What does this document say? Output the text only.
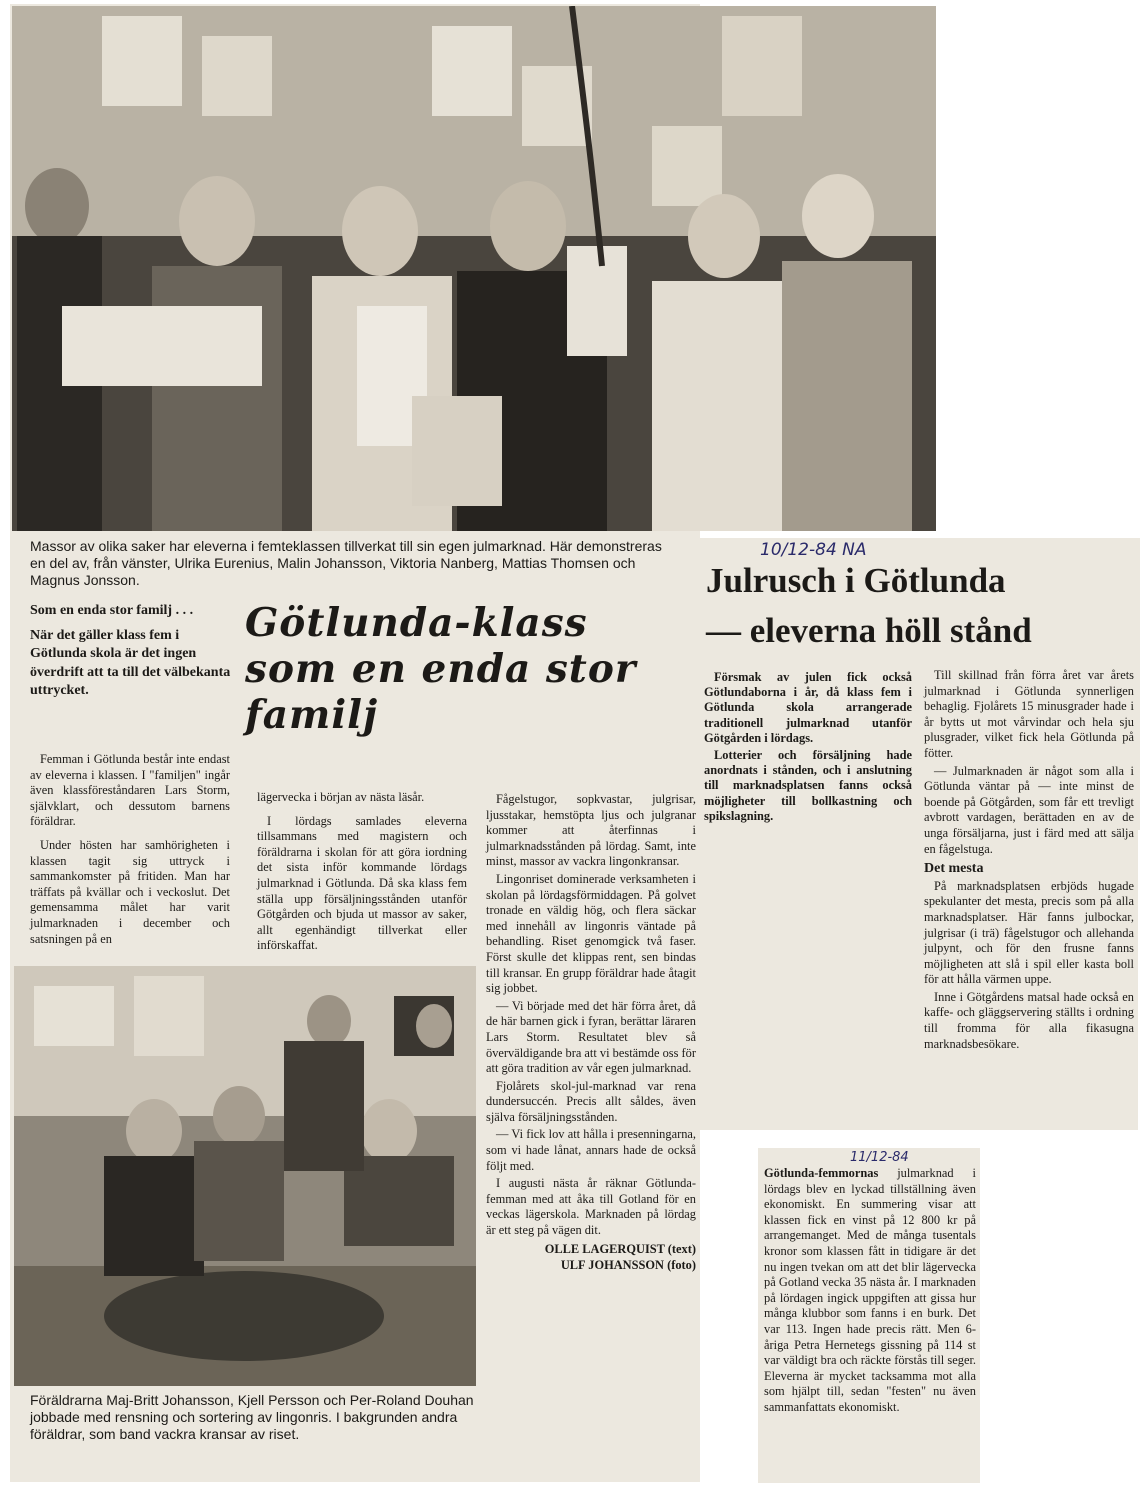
Massor av olika saker har eleverna i femteklassen tillverkat till sin egen julmarknad. Här demonstreras en del av, från vänster, Ulrika Eurenius, Malin Johansson, Viktoria Nanberg, Mattias Thomsen och Magnus Jonsson.

Som en enda stor familj . . .

När det gäller klass fem i Götlunda skola är det ingen överdrift att ta till det välbekanta uttrycket.

Götlunda-klass som en enda stor familj

Femman i Götlunda består inte endast av eleverna i klassen. I "familjen" ingår även klassföreståndaren Lars Storm, självklart, och dessutom barnens föräldrar.

Under hösten har samhörigheten i klassen tagit sig uttryck i sammankomster på fritiden. Man har träffats på kvällar och i veckoslut. Det gemensamma målet har varit julmarknaden i december och satsningen på en

lägervecka i början av nästa läsår.

I lördags samlades eleverna tillsammans med magistern och föräldrarna i skolan för att göra iordning det sista inför kommande lördags julmarknad i Götlunda. Då ska klass fem ställa upp försäljningsstånden utanför Götgården och bjuda ut massor av saker, allt egenhändigt tillverkat eller införskaffat.

Fågelstugor, sopkvastar, julgrisar, ljusstakar, hemstöpta ljus och julgranar kommer att återfinnas i julmarknadsstånden på lördag. Samt, inte minst, massor av vackra lingonkransar.

Lingonriset dominerade verksamheten i skolan på lördagsförmiddagen. På golvet tronade en väldig hög, och flera säckar med innehåll av lingonris väntade på behandling. Riset genomgick två faser. Först skulle det klippas rent, sen bindas till kransar. En grupp föräldrar hade åtagit sig jobbet.

— Vi började med det här förra året, då de här barnen gick i fyran, berättar läraren Lars Storm. Resultatet blev så överväldigande bra att vi bestämde oss för att göra tradition av vår egen julmarknad.

Fjolårets skol-jul-marknad var rena dundersuccén. Precis allt såldes, även själva försäljningsstånden.

— Vi fick lov att hålla i presenningarna, som vi hade lånat, annars hade de också följt med.

I augusti nästa år räknar Götlunda-femman med att åka till Gotland för en veckas lägerskola. Marknaden på lördag är ett steg på vägen dit.

OLLE LAGERQUIST (text)
ULF JOHANSSON (foto)
Föräldrarna Maj-Britt Johansson, Kjell Persson och Per-Roland Douhan jobbade med rensning och sortering av lingonris. I bakgrunden andra föräldrar, som band vackra kransar av riset.
10/12-84 NA
Julrusch i Götlunda
— eleverna höll stånd

Försmak av julen fick också Götlundaborna i år, då klass fem i Götlunda skola arrangerade traditionell julmarknad utanför Götgården i lördags.

Lotterier och försäljning hade anordnats i stånden, och i anslutning till marknadsplatsen fanns också möjligheter till bollkastning och spikslagning.

Till skillnad från förra året var årets julmarknad i Götlunda synnerligen behaglig. Fjolårets 15 minusgrader hade i år bytts ut mot vårvindar och hela sju plusgrader, vilket fick hela Götlunda på fötter.

— Julmarknaden är något som alla i Götlunda väntar på — inte minst de boende på Götgården, som får ett trevligt avbrott vardagen, berättaden en av de unga försäljarna, just i färd med att sälja en fågelstuga.

Det mesta

På marknadsplatsen erbjöds hugade spekulanter det mesta, precis som på alla marknadsplatser. Här fanns julbockar, julgrisar (i trä) fågelstugor och allehanda julpynt, och för den frusne fanns möjligheten att slå i spil eller kasta boll för att hålla värmen uppe.

Inne i Götgårdens matsal hade också en kaffe- och gläggservering ställts i ordning till fromma för alla fikasugna marknadsbesökare.

11/12-84

Götlunda-femmornas julmarknad i lördags blev en lyckad tillställning även ekonomiskt. En summering visar att klassen fick en vinst på 12 800 kr på arrangemanget. Med de många tusentals kronor som klassen fått in tidigare är det nu ingen tvekan om att det blir lägervecka på Gotland vecka 35 nästa år. I marknaden på lördagen ingick uppgiften att gissa hur många klubbor som fanns i en burk. Det var 113. Ingen hade precis rätt. Men 6-åriga Petra Hernetegs gissning på 114 st var väldigt bra och räckte förstås till seger. Eleverna är mycket tacksamma mot alla som hjälpt till, sedan "festen" nu även sammanfattats ekonomiskt.
